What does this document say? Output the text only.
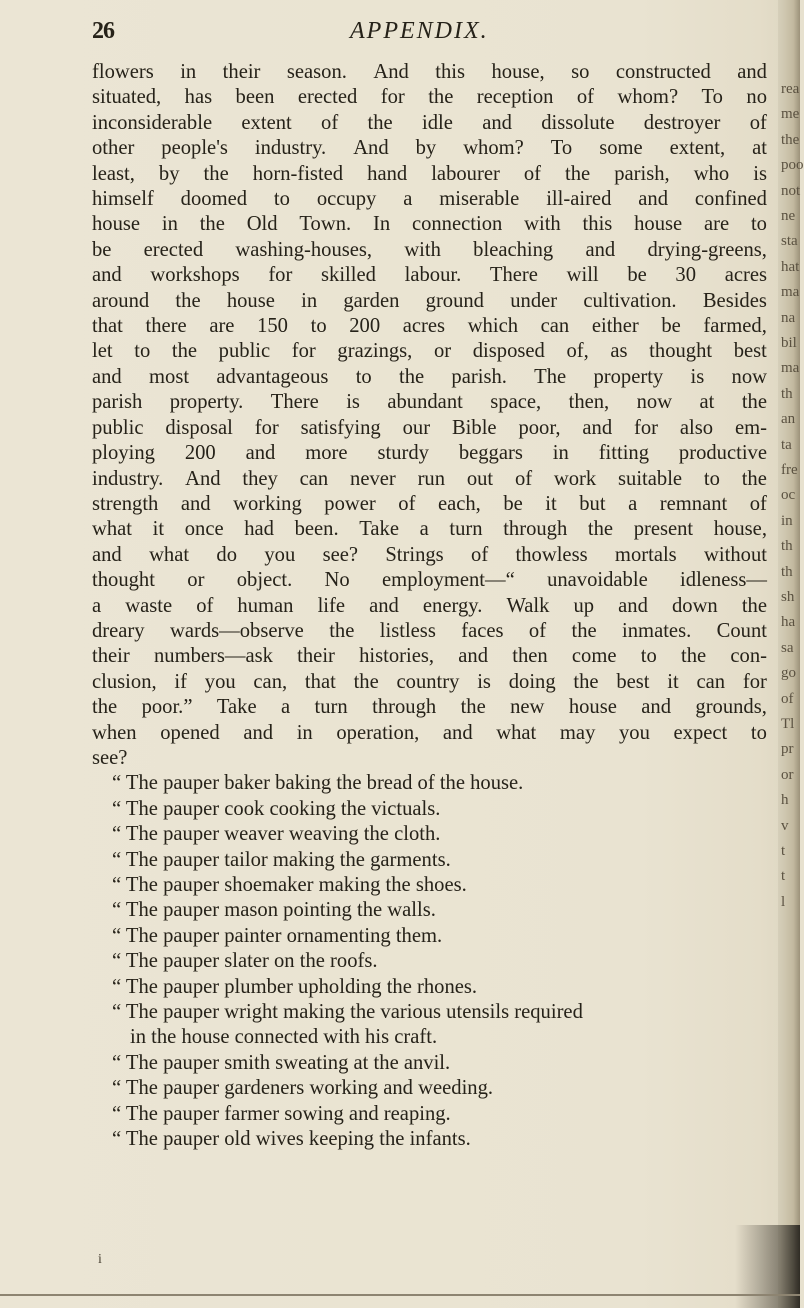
26	APPENDIX.
flowers in their season. And this house, so constructed and
situated, has been erected for the reception of whom? To no
inconsiderable extent of the idle and dissolute destroyer of
other people's industry. And by whom? To some extent, at
least, by the horn-fisted hand labourer of the parish, who is
himself doomed to occupy a miserable ill-aired and confined
house in the Old Town. In connection with this house are to
be erected washing-houses, with bleaching and drying-greens,
and workshops for skilled labour. There will be 30 acres
around the house in garden ground under cultivation. Besides
that there are 150 to 200 acres which can either be farmed,
let to the public for grazings, or disposed of, as thought best
and most advantageous to the parish. The property is now
parish property. There is abundant space, then, now at the
public disposal for satisfying our Bible poor, and for also em-
ploying 200 and more sturdy beggars in fitting productive
industry. And they can never run out of work suitable to the
strength and working power of each, be it but a remnant of
what it once had been. Take a turn through the present house,
and what do you see? Strings of thowless mortals without
thought or object. No employment—“ unavoidable idleness—
a waste of human life and energy. Walk up and down the
dreary wards—observe the listless faces of the inmates. Count
their numbers—ask their histories, and then come to the con-
clusion, if you can, that the country is doing the best it can for
the poor.” Take a turn through the new house and grounds,
when opened and in operation, and what may you expect to
see?
“ The pauper baker baking the bread of the house.
“ The pauper cook cooking the victuals.
“ The pauper weaver weaving the cloth.
“ The pauper tailor making the garments.
“ The pauper shoemaker making the shoes.
“ The pauper mason pointing the walls.
“ The pauper painter ornamenting them.
“ The pauper slater on the roofs.
“ The pauper plumber upholding the rhones.
“ The pauper wright making the various utensils required
in the house connected with his craft.
“ The pauper smith sweating at the anvil.
“ The pauper gardeners working and weeding.
“ The pauper farmer sowing and reaping.
“ The pauper old wives keeping the infants.
rea
me
the
poo
not
ne
sta
hat
ma
na
bil
ma
th
an
ta
fre
oc
in
th
th
sh
ha
sa
go
of
Tl
pr
or
h
v
t
t
l
i
